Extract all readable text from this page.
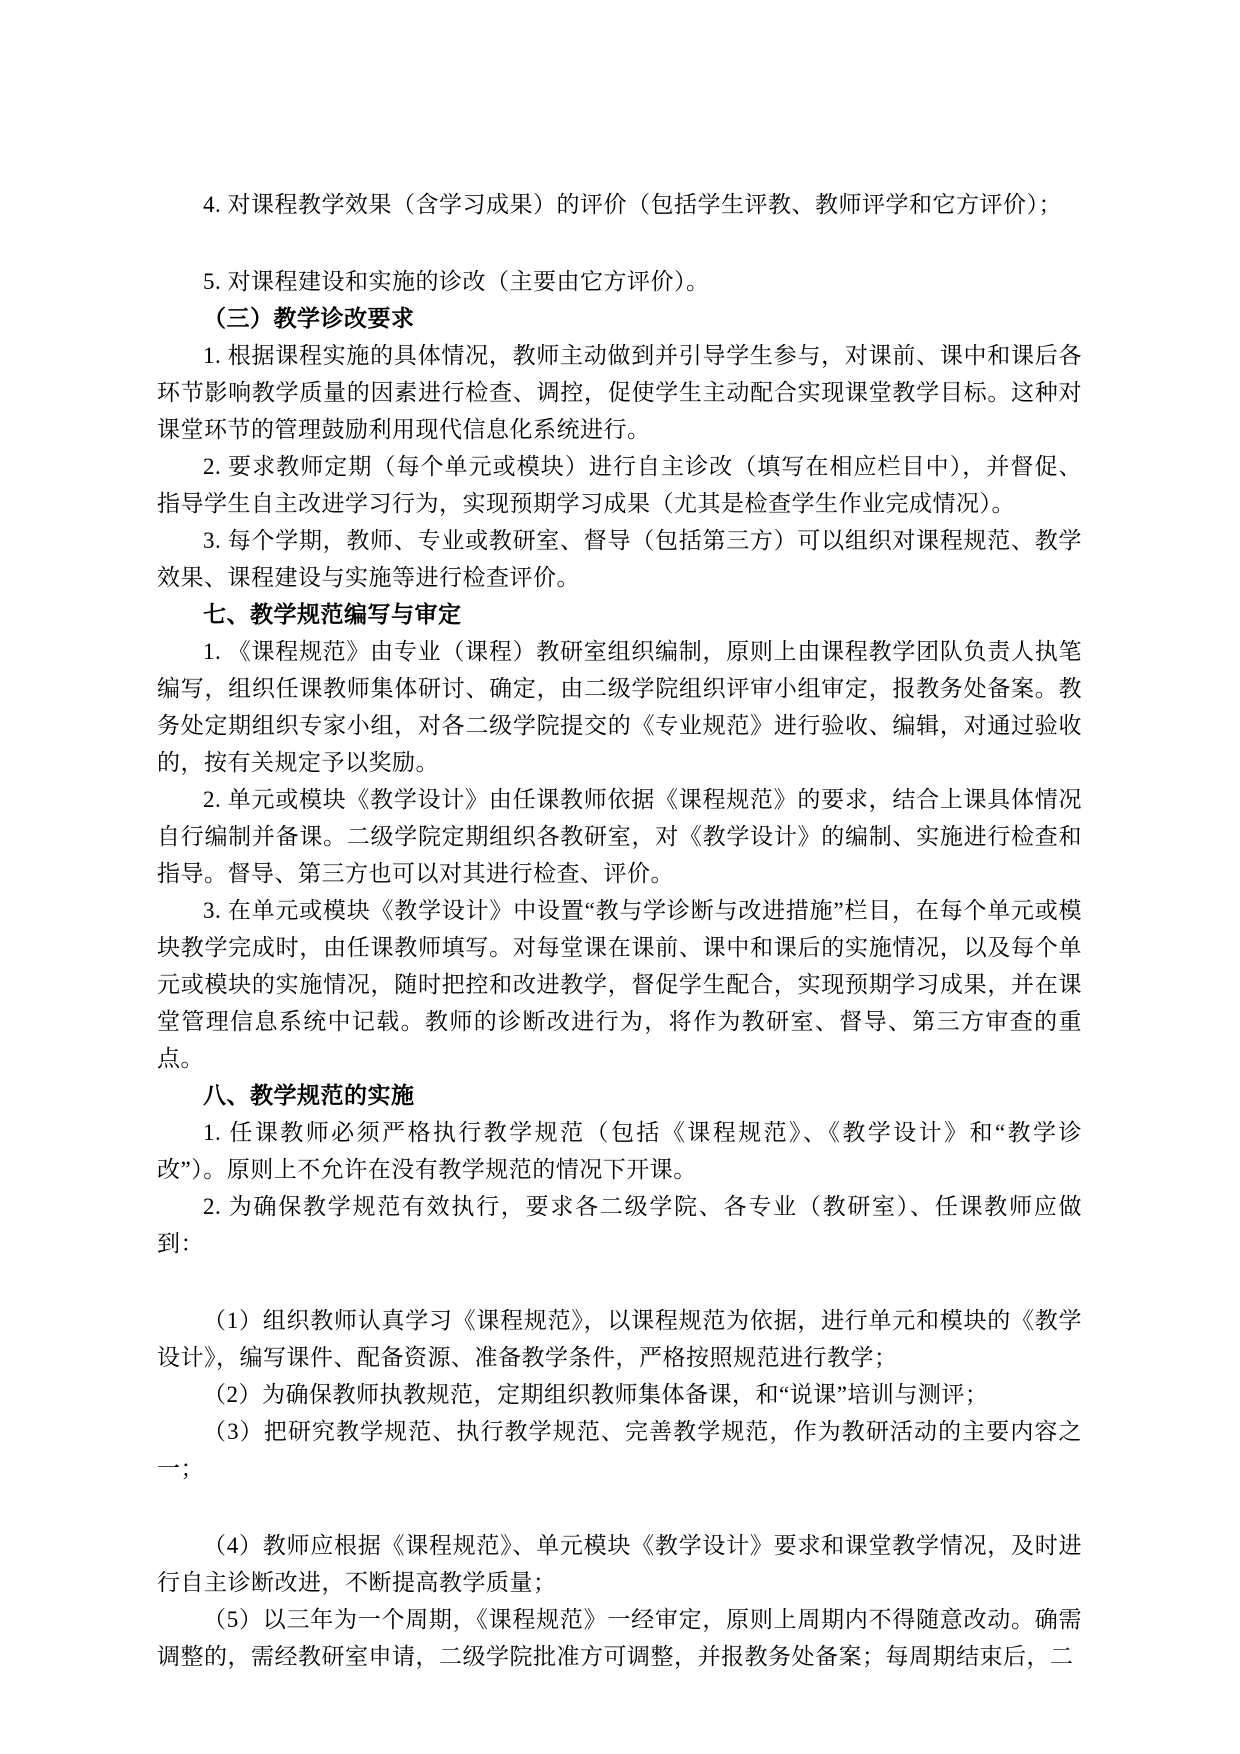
4. 对课程教学效果（含学习成果）的评价（包括学生评教、教师评学和它方评价）；

5. 对课程建设和实施的诊改（主要由它方评价）。

（三）教学诊改要求

1. 根据课程实施的具体情况，教师主动做到并引导学生参与，对课前、课中和课后各环节影响教学质量的因素进行检查、调控，促使学生主动配合实现课堂教学目标。这种对课堂环节的管理鼓励利用现代信息化系统进行。

2. 要求教师定期（每个单元或模块）进行自主诊改（填写在相应栏目中），并督促、指导学生自主改进学习行为，实现预期学习成果（尤其是检查学生作业完成情况）。

3. 每个学期，教师、专业或教研室、督导（包括第三方）可以组织对课程规范、教学效果、课程建设与实施等进行检查评价。

七、教学规范编写与审定

1. 《课程规范》由专业（课程）教研室组织编制，原则上由课程教学团队负责人执笔编写，组织任课教师集体研讨、确定，由二级学院组织评审小组审定，报教务处备案。教务处定期组织专家小组，对各二级学院提交的《专业规范》进行验收、编辑，对通过验收的，按有关规定予以奖励。

2. 单元或模块《教学设计》由任课教师依据《课程规范》的要求，结合上课具体情况自行编制并备课。二级学院定期组织各教研室，对《教学设计》的编制、实施进行检查和指导。督导、第三方也可以对其进行检查、评价。

3. 在单元或模块《教学设计》中设置“教与学诊断与改进措施”栏目，在每个单元或模块教学完成时，由任课教师填写。对每堂课在课前、课中和课后的实施情况，以及每个单元或模块的实施情况，随时把控和改进教学，督促学生配合，实现预期学习成果，并在课堂管理信息系统中记载。教师的诊断改进行为，将作为教研室、督导、第三方审查的重点。

八、教学规范的实施

1. 任课教师必须严格执行教学规范（包括《课程规范》、《教学设计》和“教学诊改”）。原则上不允许在没有教学规范的情况下开课。

2. 为确保教学规范有效执行，要求各二级学院、各专业（教研室）、任课教师应做到：

（1）组织教师认真学习《课程规范》，以课程规范为依据，进行单元和模块的《教学设计》，编写课件、配备资源、准备教学条件，严格按照规范进行教学；

（2）为确保教师执教规范，定期组织教师集体备课，和“说课”培训与测评；

（3）把研究教学规范、执行教学规范、完善教学规范，作为教研活动的主要内容之一；

（4）教师应根据《课程规范》、单元模块《教学设计》要求和课堂教学情况，及时进行自主诊断改进，不断提高教学质量；

（5）以三年为一个周期，《课程规范》一经审定，原则上周期内不得随意改动。确需调整的，需经教研室申请，二级学院批准方可调整，并报教务处备案；每周期结束后，二
